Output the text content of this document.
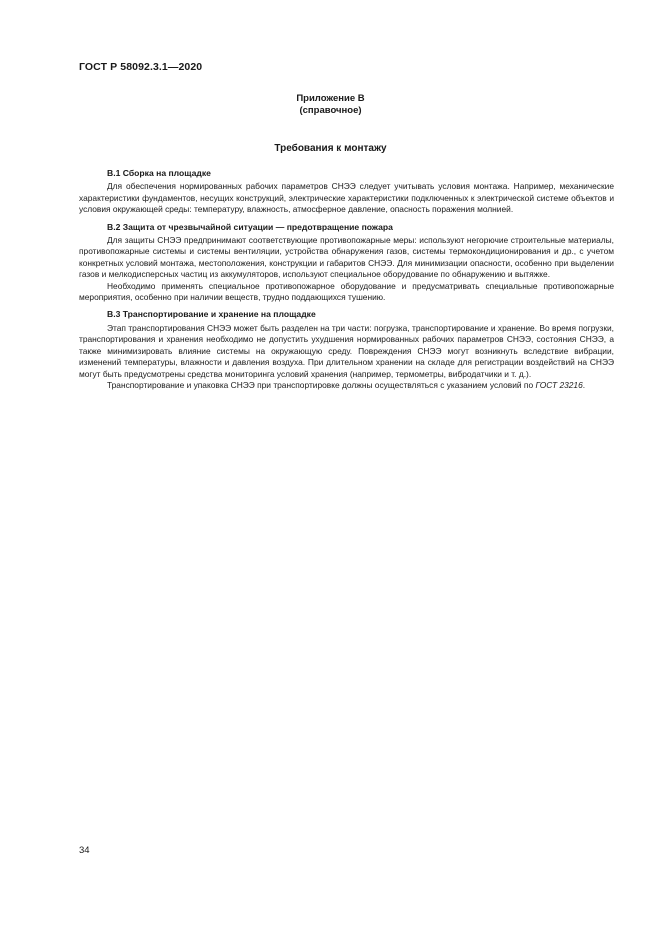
ГОСТ Р 58092.3.1—2020
Приложение В
(справочное)
Требования к монтажу
В.1 Сборка на площадке

Для обеспечения нормированных рабочих параметров СНЭЭ следует учитывать условия монтажа. Например, механические характеристики фундаментов, несущих конструкций, электрические характеристики подключенных к электрической системе объектов и условия окружающей среды: температуру, влажность, атмосферное давление, опасность поражения молнией.

В.2 Защита от чрезвычайной ситуации — предотвращение пожара

Для защиты СНЭЭ предпринимают соответствующие противопожарные меры: используют негорючие строительные материалы, противопожарные системы и системы вентиляции, устройства обнаружения газов, системы термокондиционирования и др., с учетом конкретных условий монтажа, местоположения, конструкции и габаритов СНЭЭ. Для минимизации опасности, особенно при выделении газов и мелкодисперсных частиц из аккумуляторов, используют специальное оборудование по обнаружению и вытяжке.

Необходимо применять специальное противопожарное оборудование и предусматривать специальные противопожарные мероприятия, особенно при наличии веществ, трудно поддающихся тушению.

В.3 Транспортирование и хранение на площадке

Этап транспортирования СНЭЭ может быть разделен на три части: погрузка, транспортирование и хранение. Во время погрузки, транспортирования и хранения необходимо не допустить ухудшения нормированных рабочих параметров СНЭЭ, состояния СНЭЭ, а также минимизировать влияние системы на окружающую среду. Повреждения СНЭЭ могут возникнуть вследствие вибрации, изменений температуры, влажности и давления воздуха. При длительном хранении на складе для регистрации воздействий на СНЭЭ могут быть предусмотрены средства мониторинга условий хранения (например, термометры, вибродатчики и т. д.).

Транспортирование и упаковка СНЭЭ при транспортировке должны осуществляться с указанием условий по ГОСТ 23216.

34
